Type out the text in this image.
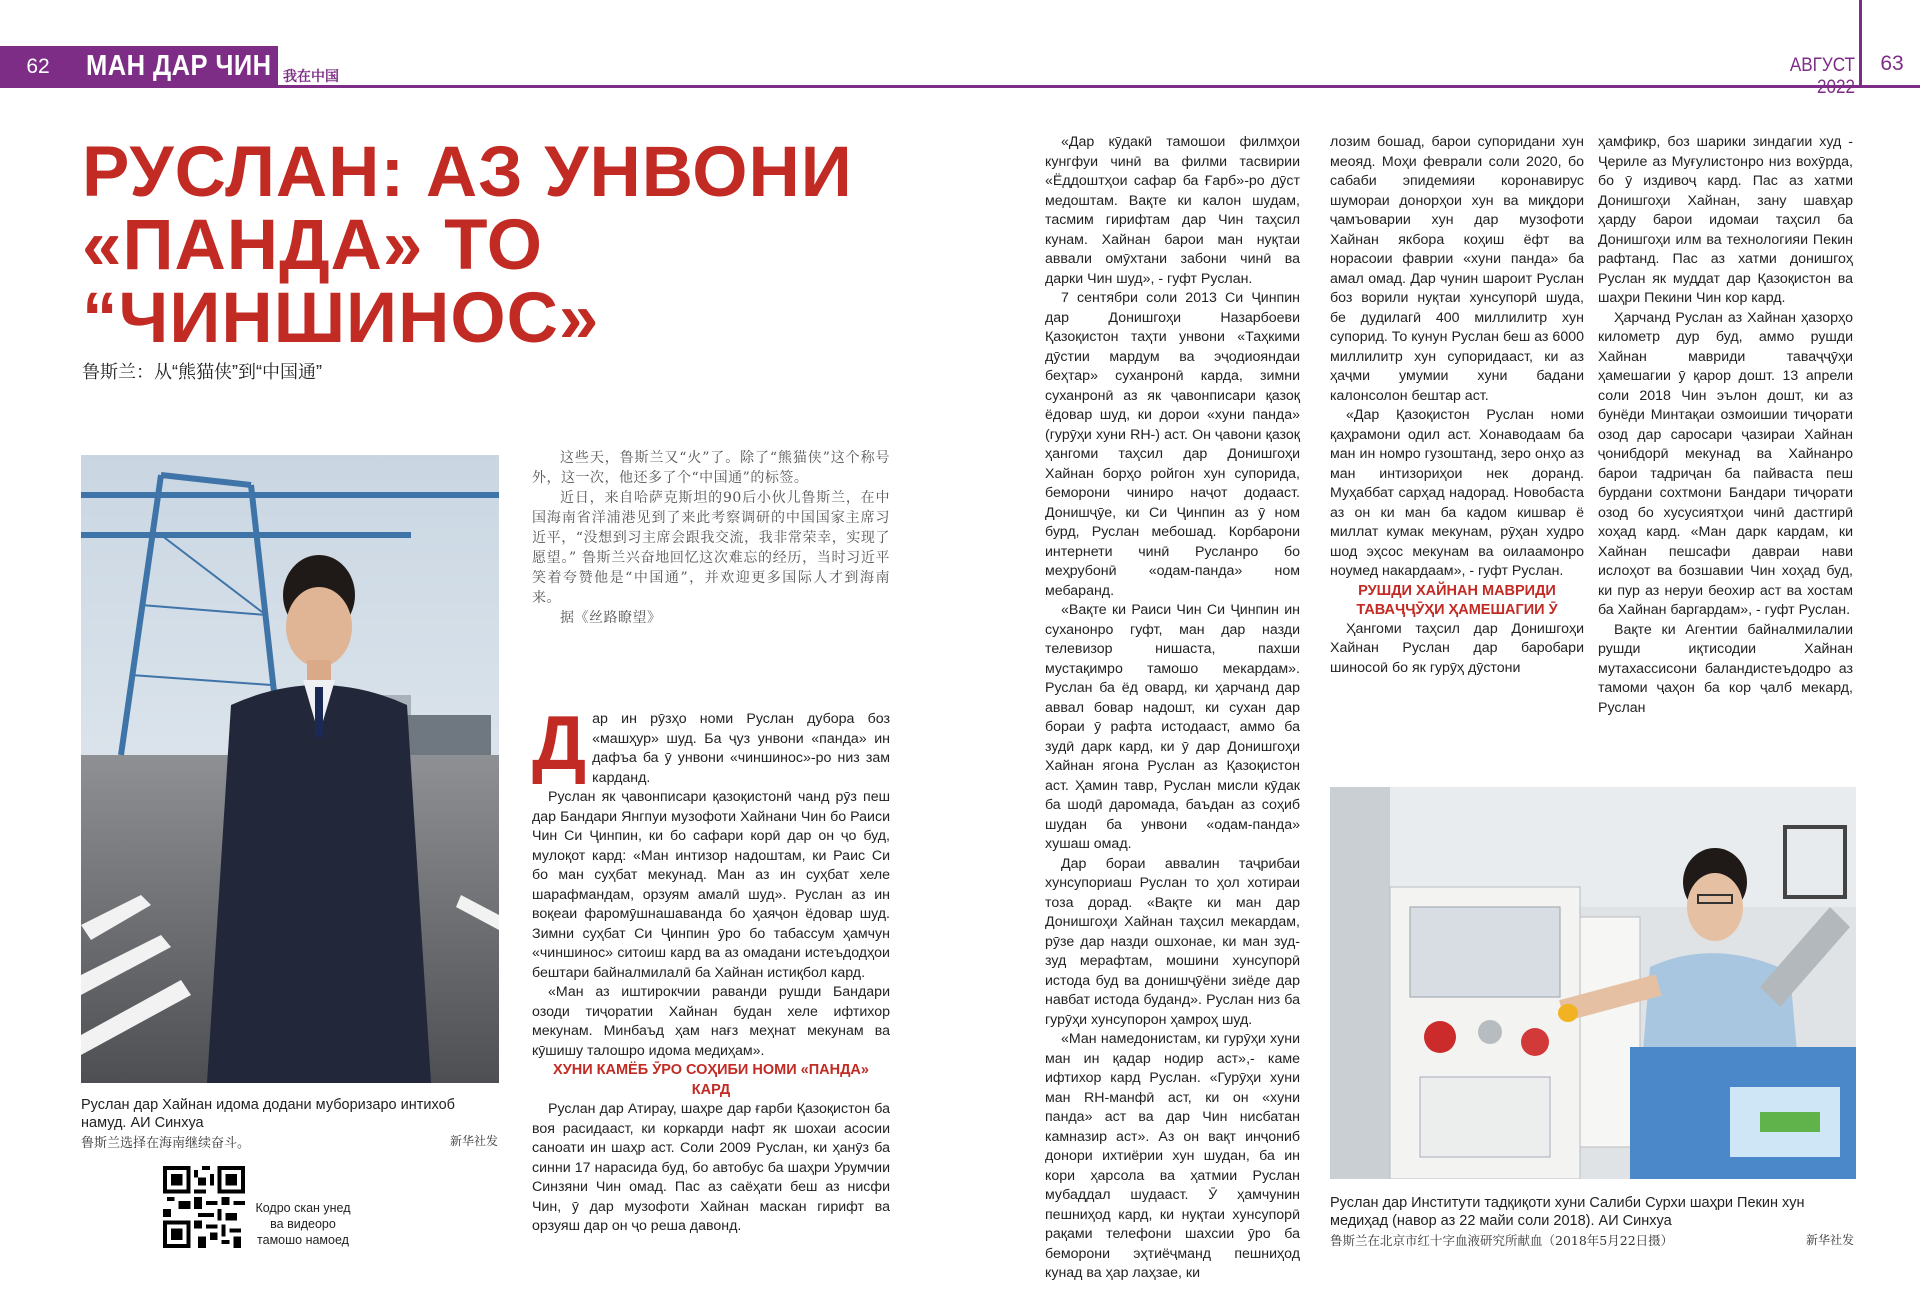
62	МАН ДАР ЧИН 我在中国
АВГУСТ 2022
63
РУСЛАН: АЗ УНВОНИ
«ПАНДА» ТО
“ЧИНШИНОС»
鲁斯兰：从“熊猫侠”到“中国通”
Руслан дар Хайнан идома додани муборизаро интихоб намуд. АИ Синхуа
鲁斯兰选择在海南继续奋斗。	新华社发
Кодро скан унед ва видеоро тамошо намоед

这些天，鲁斯兰又“火”了。除了“熊猫侠”这个称号外，这一次，他还多了个“中国通”的标签。

近日，来自哈萨克斯坦的90后小伙儿鲁斯兰，在中国海南省洋浦港见到了来此考察调研的中国国家主席习近平，“没想到习主席会跟我交流，我非常荣幸，实现了愿望。” 鲁斯兰兴奋地回忆这次难忘的经历，当时习近平笑着夸赞他是“中国通”，并欢迎更多国际人才到海南来。

据《丝路瞭望》

Д ар ин рӯзҳо номи Руслан дубора боз «машҳур» шуд. Ба ҷуз унвони «панда» ин дафъа ба ӯ унвони «чиншинос»-ро низ зам карданд.

Руслан як ҷавонписари қазоқистонӣ чанд рӯз пеш дар Бандари Янгпуи музофоти Хайнани Чин бо Раиси Чин Си Ҷинпин, ки бо сафари корӣ дар он ҷо буд, мулоқот кард: «Ман интизор надоштам, ки Раис Си бо ман суҳбат мекунад. Ман аз ин суҳбат хеле шарафмандам, орзуям амалӣ шуд». Руслан аз ин воқеаи фаромӯшнашаванда бо ҳаяҷон ёдовар шуд. Зимни суҳбат Си Ҷинпин ӯро бо табассум ҳамчун «чиншинос» ситоиш кард ва аз омадани истеъдодҳои бештари байналмилалӣ ба Хайнан истиқбол кард.

«Ман аз иштирокчии раванди рушди Бандари озоди тиҷоратии Хайнан будан хеле ифтихор мекунам. Минбаъд ҳам нағз меҳнат мекунам ва кӯшишу талошро идома медиҳам».

ХУНИ КАМЁБ ӮРО СОҲИБИ НОМИ «ПАНДА» КАРД

Руслан дар Атирау, шаҳре дар ғарби Қазоқистон ба воя расидааст, ки коркарди нафт як шохаи асосии саноати ин шаҳр аст. Соли 2009 Руслан, ки ҳанӯз ба синни 17 нарасида буд, бо автобус ба шаҳри Урумчии Синзяни Чин омад. Пас аз саёҳати беш аз нисфи Чин, ӯ дар музофоти Хайнан маскан гирифт ва орзуяш дар он ҷо реша давонд.

«Дар кӯдакӣ тамошои филмҳои кунгфуи чинӣ ва филми тасвирии «Ёддоштҳои сафар ба Ғарб»-ро дӯст медоштам. Вақте ки калон шудам, тасмим гирифтам дар Чин таҳсил кунам. Хайнан барои ман нуқтаи аввали омӯхтани забони чинӣ ва дарки Чин шуд», - гуфт Руслан.

7 сентябри соли 2013 Си Ҷинпин дар Донишгоҳи Назарбоеви Қазоқистон таҳти унвони «Таҳкими дӯстии мардум ва эҷодиояндаи беҳтар» суханронӣ карда, зимни суханронӣ аз як ҷавонписари қазоқ ёдовар шуд, ки дорои «хуни панда» (гурӯҳи хуни RH-) аст. Он ҷавони қазоқ ҳангоми таҳсил дар Донишгоҳи Хайнан борҳо ройгон хун супорида, беморони чиниро наҷот додааст. Донишҷӯе, ки Си Ҷинпин аз ӯ ном бурд, Руслан мебошад. Корбарони интернети чинӣ Русланро бо меҳрубонӣ «одам-панда» ном мебаранд.

«Вақте ки Раиси Чин Си Ҷинпин ин суханонро гуфт, ман дар назди телевизор нишаста, пахши мустақимро тамошо мекардам». Руслан ба ёд овард, ки ҳарчанд дар аввал бовар надошт, ки сухан дар бораи ӯ рафта истодааст, аммо ба зудӣ дарк кард, ки ӯ дар Донишгоҳи Хайнан ягона Руслан аз Қазоқистон аст. Ҳамин тавр, Руслан мисли кӯдак ба шодӣ даромада, баъдан аз соҳиб шудан ба унвони «одам-панда» хушаш омад.

Дар бораи аввалин таҷрибаи хунсупориаш Руслан то ҳол хотираи тоза дорад. «Вақте ки ман дар Донишгоҳи Хайнан таҳсил мекардам, рӯзе дар назди ошхонае, ки ман зуд-зуд мерафтам, мошини хунсупорӣ истода буд ва донишҷӯёни зиёде дар навбат истода буданд». Руслан низ ба гурӯҳи хунсупорон ҳамроҳ шуд.

«Ман намедонистам, ки гурӯҳи хуни ман ин қадар нодир аст»,- каме ифтихор кард Руслан. «Гурӯҳи хуни ман RH-манфӣ аст, ки он «хуни панда» аст ва дар Чин нисбатан камназир аст». Аз он вақт инҷониб донори ихтиёрии хун шудан, ба ин кори ҳарсола ва ҳатмии Руслан мубаддал шудааст. Ӯ ҳамчунин пешниҳод кард, ки нуқтаи хунсупорӣ рақами телефони шахсии ӯро ба беморони эҳтиёҷманд пешниҳод кунад ва ҳар лаҳзае, ки

лозим бошад, барои супоридани хун меояд. Моҳи феврали соли 2020, бо сабаби эпидемияи коронавирус шумораи донорҳои хун ва миқдори ҷамъоварии хун дар музофоти Хайнан якбора коҳиш ёфт ва норасоии фаврии «хуни панда» ба амал омад. Дар чунин шароит Руслан боз ворили нуқтаи хунсупорӣ шуда, бе дудилагӣ 400 миллилитр хун супорид. То кунун Руслан беш аз 6000 миллилитр хун супоридааст, ки аз ҳаҷми умумии хуни бадани калонсолон бештар аст.

«Дар Қазоқистон Руслан номи қаҳрамони одил аст. Хонаводаам ба ман ин номро гузоштанд, зеро онҳо аз ман интизориҳои нек доранд. Муҳаббат сарҳад надорад. Новобаста аз он ки ман ба кадом кишвар ё миллат кумак мекунам, рӯҳан худро шод эҳсос мекунам ва оилаамонро ноумед накардаам», - гуфт Руслан.

РУШДИ ХАЙНАН МАВРИДИ ТАВАҶҶӮҲИ ҲАМЕШАГИИ Ӯ

Ҳангоми таҳсил дар Донишгоҳи Хайнан Руслан дар баробари шиносоӣ бо як гурӯҳ дӯстони

ҳамфикр, боз шарики зиндагии худ - Ҷериле аз Муғулистонро низ вохӯрда, бо ӯ издивоҷ кард. Пас аз хатми Донишгоҳи Хайнан, зану шавҳар ҳарду барои идомаи таҳсил ба Донишгоҳи илм ва технологияи Пекин рафтанд. Пас аз хатми донишгоҳ Руслан як муддат дар Қазоқистон ва шаҳри Пекини Чин кор кард.

Ҳарчанд Руслан аз Хайнан ҳазорҳо километр дур буд, аммо рушди Хайнан мавриди таваҷҷӯҳи ҳамешагии ӯ қарор дошт. 13 апрели соли 2018 Чин эълон дошт, ки аз бунёди Минтақаи озмоишии тиҷорати озод дар саросари ҷазираи Хайнан ҷонибдорӣ мекунад ва Хайнанро барои тадриҷан ба пайваста пеш бурдани сохтмони Бандари тиҷорати озод бо хусусиятҳои чинӣ дастгирӣ хоҳад кард. «Ман дарк кардам, ки Хайнан пешсафи давраи нави ислоҳот ва бозшавии Чин хоҳад буд, ки пур аз неруи беохир аст ва хостам ба Хайнан баргардам», - гуфт Руслан.

Вақте ки Агентии байналмилалии рушди иқтисодии Хайнан мутахассисони баландистеъдодро аз тамоми ҷаҳон ба кор ҷалб мекард, Руслан

Руслан дар Институти тадқиқоти хуни Салиби Сурхи шаҳри Пекин хун медиҳад (навор аз 22 майи соли 2018). АИ Синхуа
鲁斯兰在北京市红十字血液研究所献血（2018年5月22日摄）	新华社发
